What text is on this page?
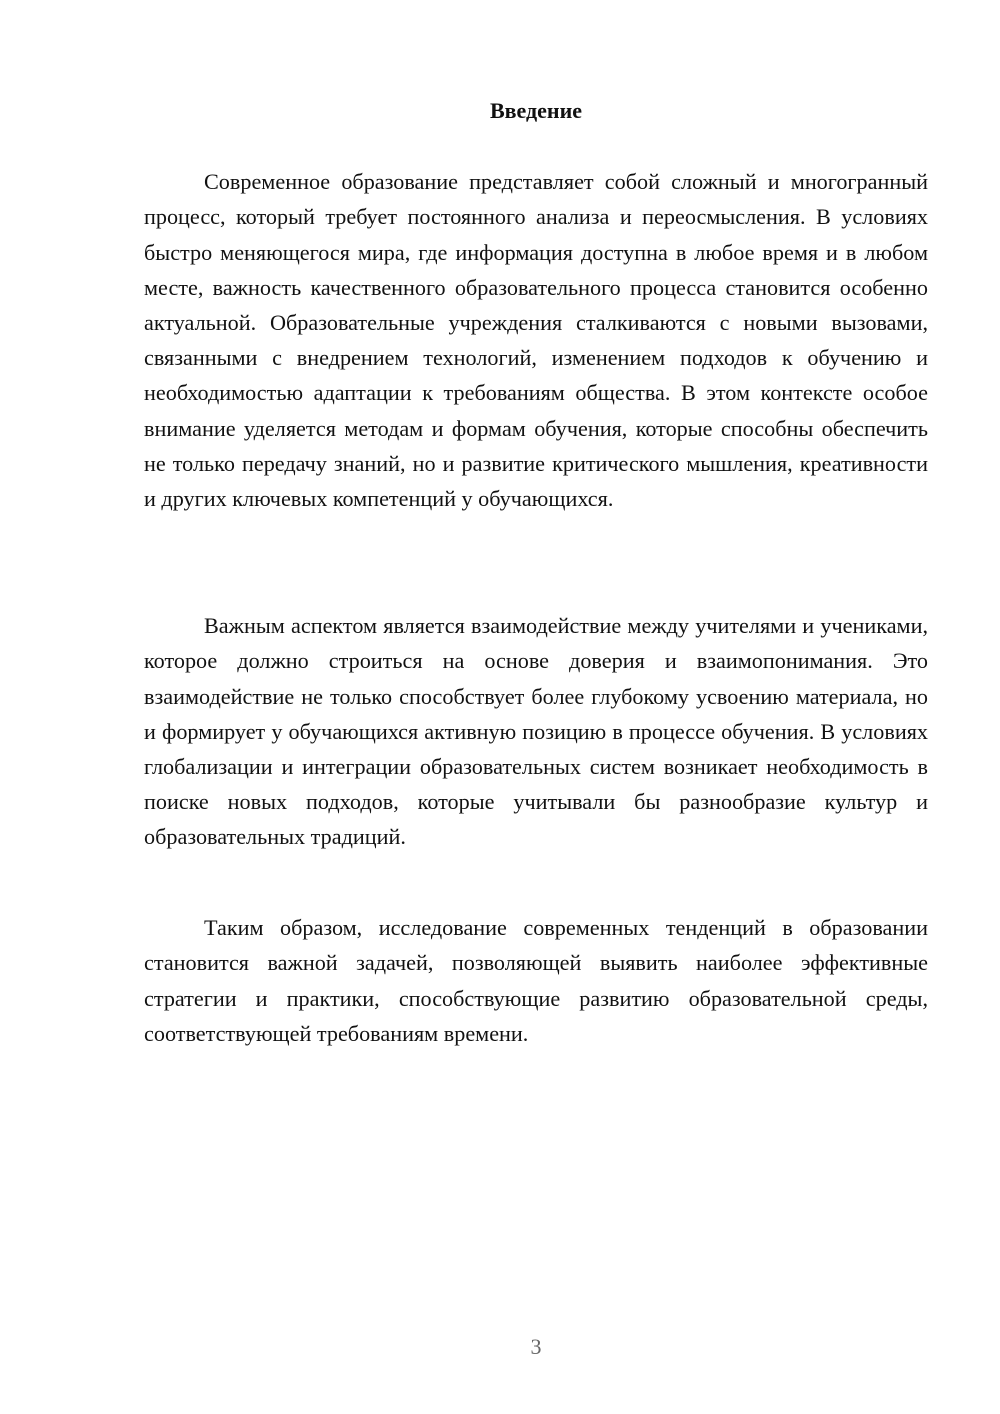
Введение

Современное образование представляет собой сложный и многогранный процесс, который требует постоянного анализа и переосмысления. В условиях быстро меняющегося мира, где информация доступна в любое время и в любом месте, важность качественного образовательного процесса становится особенно актуальной. Образовательные учреждения сталкиваются с новыми вызовами, связанными с внедрением технологий, изменением подходов к обучению и необходимостью адаптации к требованиям общества. В этом контексте особое внимание уделяется методам и формам обучения, которые способны обеспечить не только передачу знаний, но и развитие критического мышления, креативности и других ключевых компетенций у обучающихся.

Важным аспектом является взаимодействие между учителями и учениками, которое должно строиться на основе доверия и взаимопонимания. Это взаимодействие не только способствует более глубокому усвоению материала, но и формирует у обучающихся активную позицию в процессе обучения. В условиях глобализации и интеграции образовательных систем возникает необходимость в поиске новых подходов, которые учитывали бы разнообразие культур и образовательных традиций.

Таким образом, исследование современных тенденций в образовании становится важной задачей, позволяющей выявить наиболее эффективные стратегии и практики, способствующие развитию образовательной среды, соответствующей требованиям времени.

3
